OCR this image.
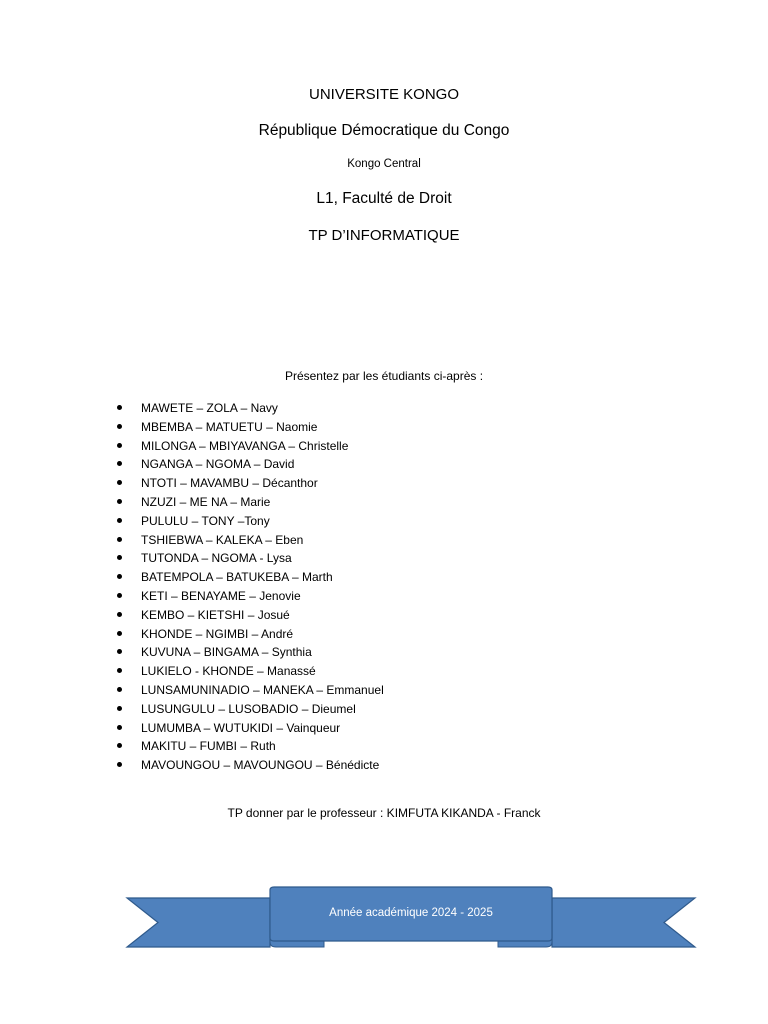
UNIVERSITE KONGO
République Démocratique du Congo
Kongo Central
L1, Faculté de Droit
TP D’INFORMATIQUE
Présentez par les étudiants ci-après :
MAWETE – ZOLA – Navy
MBEMBA – MATUETU – Naomie
MILONGA – MBIYAVANGA – Christelle
NGANGA – NGOMA – David
NTOTI – MAVAMBU – Décanthor
NZUZI – ME NA – Marie
PULULU – TONY –Tony
TSHIEBWA – KALEKA – Eben
TUTONDA – NGOMA - Lysa
BATEMPOLA – BATUKEBA – Marth
KETI – BENAYAME – Jenovie
KEMBO – KIETSHI – Josué
KHONDE – NGIMBI – André
KUVUNA – BINGAMA – Synthia
LUKIELO - KHONDE – Manassé
LUNSAMUNINADIO – MANEKA – Emmanuel
LUSUNGULU – LUSOBADIO – Dieumel
LUMUMBA – WUTUKIDI – Vainqueur
MAKITU – FUMBI – Ruth
MAVOUNGOU – MAVOUNGOU – Bénédicte
TP donner par le professeur : KIMFUTA KIKANDA - Franck
Année académique 2024 - 2025
